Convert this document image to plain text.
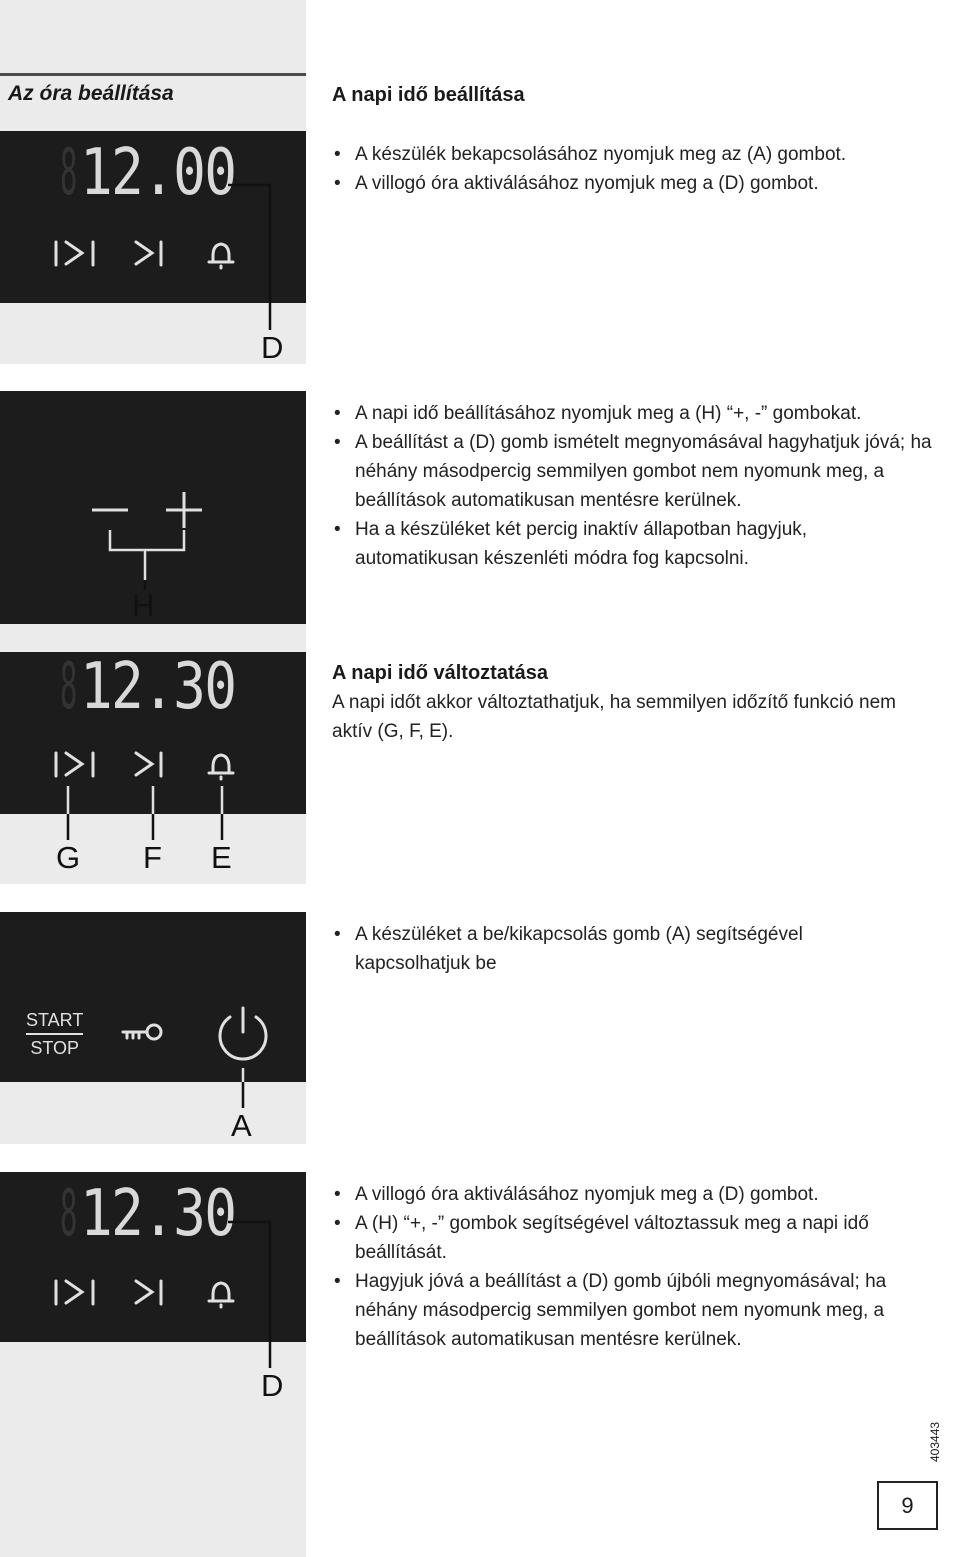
Az óra beállítása
8 12.00
D
H
8 12.30
G F E
START
STOP
A
8 12.30
D
A napi idő beállítása
• A készülék bekapcsolásához nyomjuk meg az (A) gombot.
• A villogó óra aktiválásához nyomjuk meg a (D) gombot.
• A napi idő beállításához nyomjuk meg a (H) “+, -” gombokat.
• A beállítást a (D) gomb ismételt megnyomásával hagyhatjuk jóvá; ha néhány másodpercig semmilyen gombot nem nyomunk meg, a beállítások automatikusan mentésre kerülnek.
• Ha a készüléket két percig inaktív állapotban hagyjuk, automatikusan készenléti módra fog kapcsolni.
A napi idő változtatása
A napi időt akkor változtathatjuk, ha semmilyen időzítő funkció nem aktív (G, F, E).
• A készüléket a be/kikapcsolás gomb (A) segítségével kapcsolhatjuk be
• A villogó óra aktiválásához nyomjuk meg a (D) gombot.
• A (H) “+, -” gombok segítségével változtassuk meg a napi idő beállítását.
• Hagyjuk jóvá a beállítást a (D) gomb újbóli megnyomásával; ha néhány másodpercig semmilyen gombot nem nyomunk meg, a beállítások automatikusan mentésre kerülnek.
403443
9
